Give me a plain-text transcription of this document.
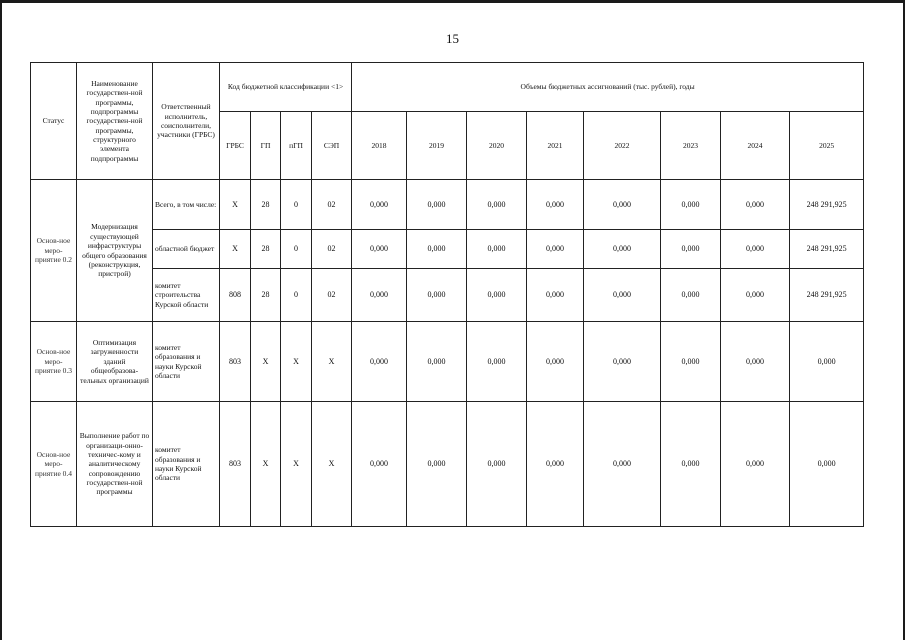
15
Статус	Наименование государствен-ной программы, подпрограммы государствен-ной программы, структурного элемента подпрограммы	Ответственный исполнитель, соисполнители, участники (ГРБС)	Код бюджетной классификации <1>				Объемы бюджетных ассигнований (тыс. рублей), годы							
			ГРБС	ГП	пГП	СЭП	2018	2019	2020	2021	2022	2023	2024	2025
Основ-ное меро-приятие 0.2	Модернизация существующей инфраструктуры общего образования (реконструкция, пристрой)	Всего, в том числе:	X	28	0	02	0,000	0,000	0,000	0,000	0,000	0,000	0,000	248 291,925
		областной бюджет	X	28	0	02	0,000	0,000	0,000	0,000	0,000	0,000	0,000	248 291,925
		комитет строительства Курской области	808	28	0	02	0,000	0,000	0,000	0,000	0,000	0,000	0,000	248 291,925
Основ-ное меро-приятие 0.3	Оптимизация загруженности зданий общеобразова-тельных организаций	комитет образования и науки Курской области	803	X	X	X	0,000	0,000	0,000	0,000	0,000	0,000	0,000	0,000
Основ-ное меро-приятие 0.4	Выполнение работ по организаци-онно-техничес-кому и аналитическому сопровождению государствен-ной программы	комитет образования и науки Курской области	803	X	X	X	0,000	0,000	0,000	0,000	0,000	0,000	0,000	0,000
